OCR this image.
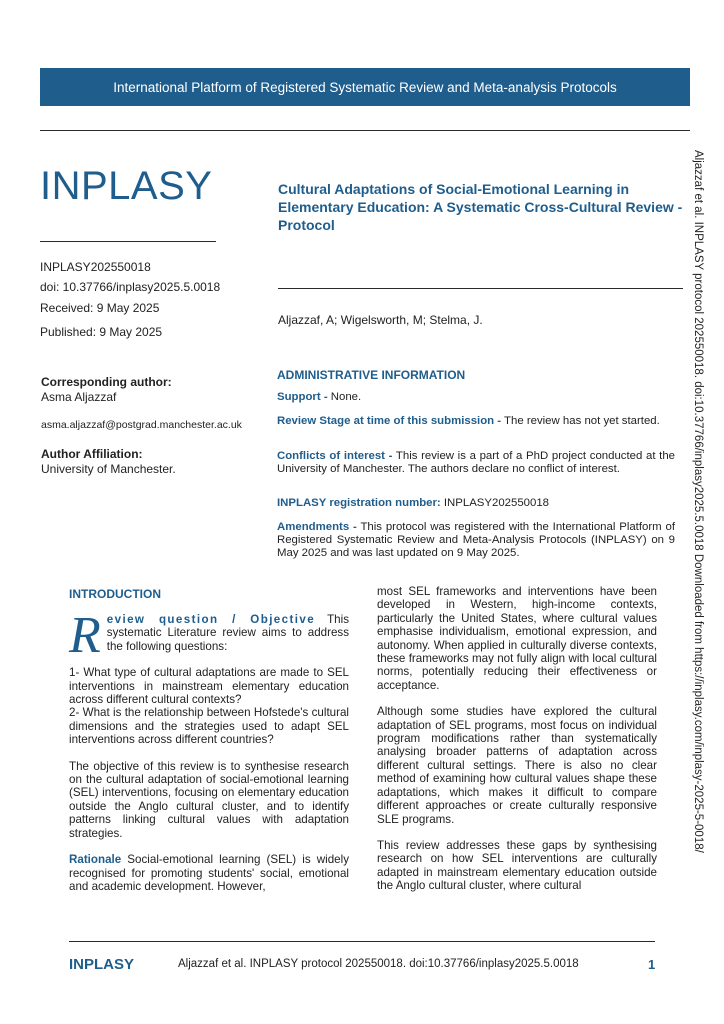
International Platform of Registered Systematic Review and Meta-analysis Protocols
INPLASY
INPLASY202550018
doi: 10.37766/inplasy2025.5.0018
Received: 9 May 2025
Published: 9 May 2025
Corresponding author:
Asma Aljazzaf
asma.aljazzaf@postgrad.manchester.ac.uk
Author Affiliation:
University of Manchester.
Cultural Adaptations of Social-Emotional Learning in Elementary Education: A Systematic Cross-Cultural Review - Protocol
Aljazzaf, A; Wigelsworth, M; Stelma, J.
ADMINISTRATIVE INFORMATION
Support - None.
Review Stage at time of this submission - The review has not yet started.
Conflicts of interest - This review is a part of a PhD project conducted at the University of Manchester. The authors declare no conflict of interest.
INPLASY registration number: INPLASY202550018
Amendments - This protocol was registered with the International Platform of Registered Systematic Review and Meta-Analysis Protocols (INPLASY) on 9 May 2025 and was last updated on 9 May 2025.
INTRODUCTION

Review question / Objective This systematic Literature review aims to address the following questions:

1- What type of cultural adaptations are made to SEL interventions in mainstream elementary education across different cultural contexts?

2- What is the relationship between Hofstede's cultural dimensions and the strategies used to adapt SEL interventions across different countries?

The objective of this review is to synthesise research on the cultural adaptation of social-emotional learning (SEL) interventions, focusing on elementary education outside the Anglo cultural cluster, and to identify patterns linking cultural values with adaptation strategies.

Rationale Social-emotional learning (SEL) is widely recognised for promoting students' social, emotional and academic development. However,

most SEL frameworks and interventions have been developed in Western, high-income contexts, particularly the United States, where cultural values emphasise individualism, emotional expression, and autonomy. When applied in culturally diverse contexts, these frameworks may not fully align with local cultural norms, potentially reducing their effectiveness or acceptance.

Although some studies have explored the cultural adaptation of SEL programs, most focus on individual program modifications rather than systematically analysing broader patterns of adaptation across different cultural settings. There is also no clear method of examining how cultural values shape these adaptations, which makes it difficult to compare different approaches or create culturally responsive SLE programs.

This review addresses these gaps by synthesising research on how SEL interventions are culturally adapted in mainstream elementary education outside the Anglo cultural cluster, where cultural

Aljazzaf et al. INPLASY protocol 202550018. doi:10.37766/inplasy2025.5.0018 Downloaded from https://inplasy.com/inplasy-2025-5-0018/
INPLASY	Aljazzaf et al. INPLASY protocol 202550018. doi:10.37766/inplasy2025.5.0018	1
